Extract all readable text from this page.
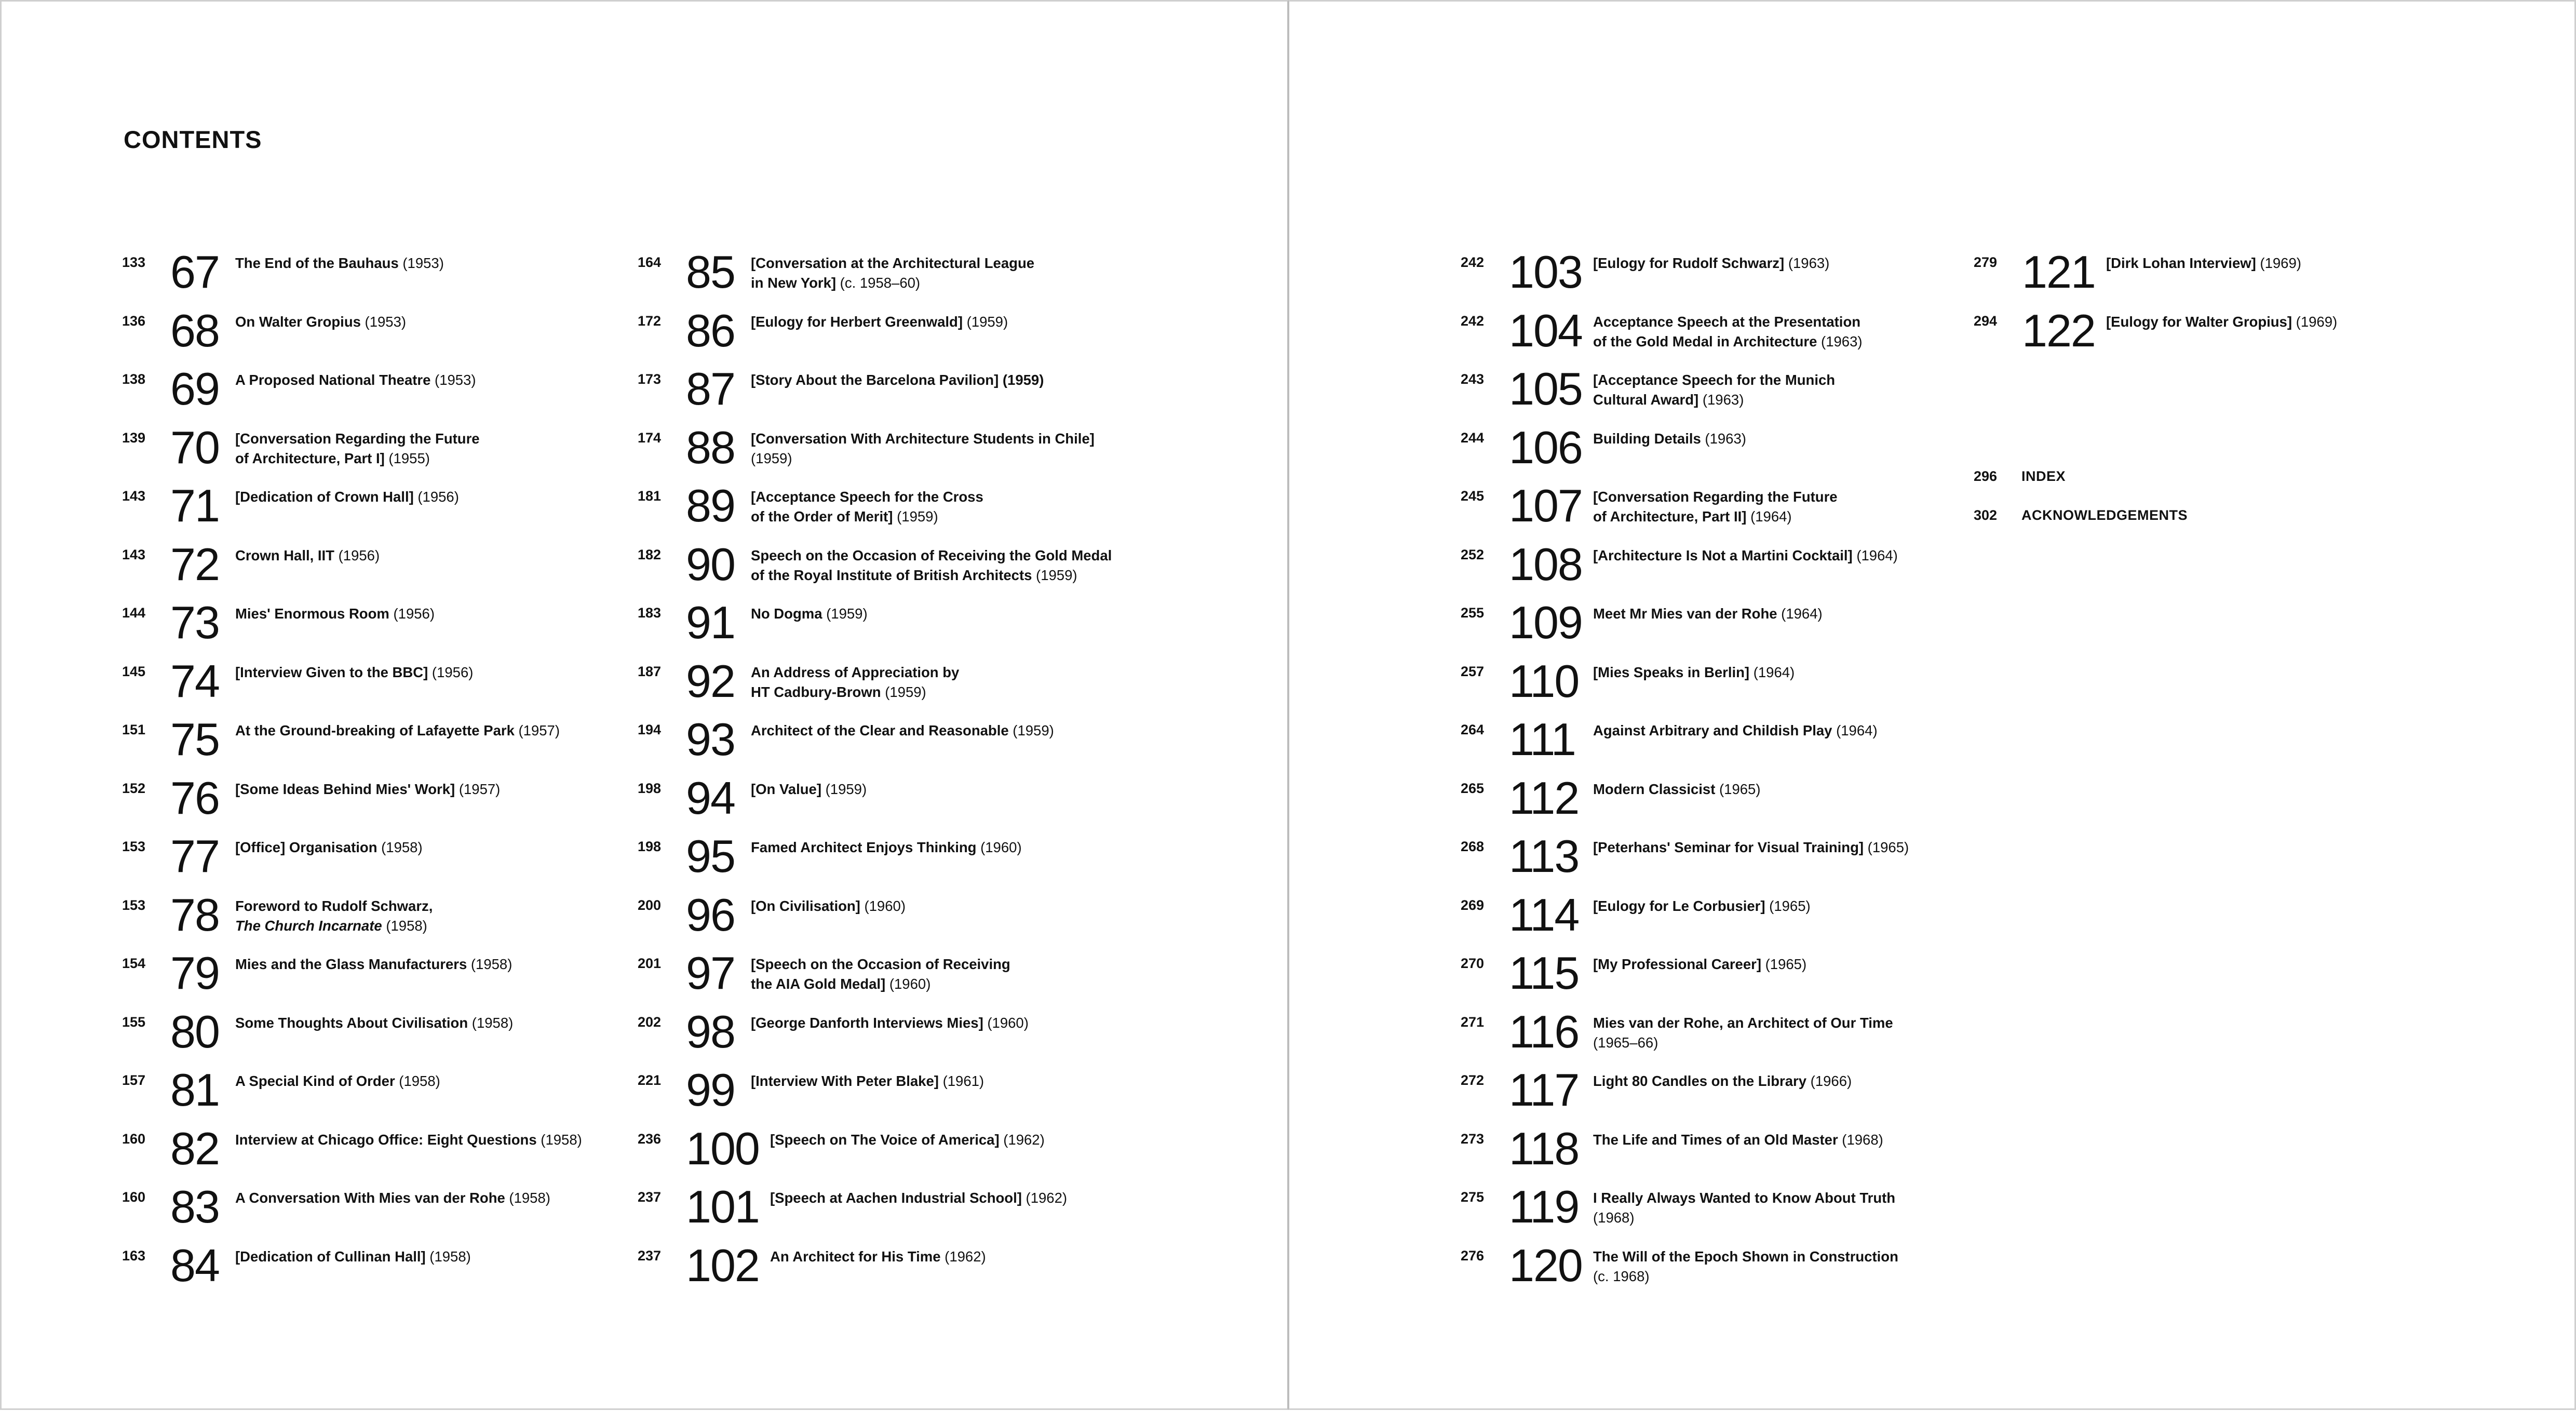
CONTENTS
133 67 The End of the Bauhaus (1953)
136 68 On Walter Gropius (1953)
138 69 A Proposed National Theatre (1953)
139 70 [Conversation Regarding the Future
of Architecture, Part I] (1955)
143 71 [Dedication of Crown Hall] (1956)
143 72 Crown Hall, IIT (1956)
144 73 Mies' Enormous Room (1956)
145 74 [Interview Given to the BBC] (1956)
151 75 At the Ground-breaking of Lafayette Park (1957)
152 76 [Some Ideas Behind Mies' Work] (1957)
153 77 [Office] Organisation (1958)
153 78 Foreword to Rudolf Schwarz,
The Church Incarnate (1958)
154 79 Mies and the Glass Manufacturers (1958)
155 80 Some Thoughts About Civilisation (1958)
157 81 A Special Kind of Order (1958)
160 82 Interview at Chicago Office: Eight Questions (1958)
160 83 A Conversation With Mies van der Rohe (1958)
163 84 [Dedication of Cullinan Hall] (1958)
164 85 [Conversation at the Architectural League
in New York] (c. 1958–60)
172 86 [Eulogy for Herbert Greenwald] (1959)
173 87 [Story About the Barcelona Pavilion] (1959)
174 88 [Conversation With Architecture Students in Chile]
(1959)
181 89 [Acceptance Speech for the Cross
of the Order of Merit] (1959)
182 90 Speech on the Occasion of Receiving the Gold Medal
of the Royal Institute of British Architects (1959)
183 91 No Dogma (1959)
187 92 An Address of Appreciation by
HT Cadbury-Brown (1959)
194 93 Architect of the Clear and Reasonable (1959)
198 94 [On Value] (1959)
198 95 Famed Architect Enjoys Thinking (1960)
200 96 [On Civilisation] (1960)
201 97 [Speech on the Occasion of Receiving
the AIA Gold Medal] (1960)
202 98 [George Danforth Interviews Mies] (1960)
221 99 [Interview With Peter Blake] (1961)
236 100 [Speech on The Voice of America] (1962)
237 101 [Speech at Aachen Industrial School] (1962)
237 102 An Architect for His Time (1962)
242 103 [Eulogy for Rudolf Schwarz] (1963)
242 104 Acceptance Speech at the Presentation
of the Gold Medal in Architecture (1963)
243 105 [Acceptance Speech for the Munich
Cultural Award] (1963)
244 106 Building Details (1963)
245 107 [Conversation Regarding the Future
of Architecture, Part II] (1964)
252 108 [Architecture Is Not a Martini Cocktail] (1964)
255 109 Meet Mr Mies van der Rohe (1964)
257 110 [Mies Speaks in Berlin] (1964)
264 111 Against Arbitrary and Childish Play (1964)
265 112 Modern Classicist (1965)
268 113 [Peterhans' Seminar for Visual Training] (1965)
269 114 [Eulogy for Le Corbusier] (1965)
270 115 [My Professional Career] (1965)
271 116 Mies van der Rohe, an Architect of Our Time
(1965–66)
272 117 Light 80 Candles on the Library (1966)
273 118 The Life and Times of an Old Master (1968)
275 119 I Really Always Wanted to Know About Truth
(1968)
276 120 The Will of the Epoch Shown in Construction
(c. 1968)
279 121 [Dirk Lohan Interview] (1969)
294 122 [Eulogy for Walter Gropius] (1969)
296	INDEX
302	ACKNOWLEDGEMENTS
